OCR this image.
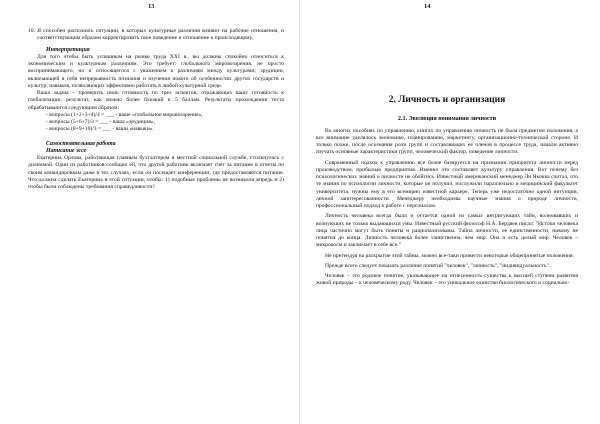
13

10. Я способен распознать ситуации, в которых культурные различия влияют на рабочие отношения, и соответствующим образом корректировать свое поведение и отношение к происходящему.

Интерпретация

Для того чтобы быть успешным на рынке труда XXI в., вы должны спокойно относиться к экономическим и культурным различиям. Это требует: глобального мировоззрения, не просто воспринимающего, но и относящегося с уважением к различиям между культурами; эрудиции, включающей в себя непрерывность познания и изучения нового об особенностях других государств и культур; навыков, позволяющих эффективно работать в любой культурной среде.

Ваша задача – проверить свою готовность по трех аспектов, отражающих вашу готовность к глобализации, результат, как можно более близкий к 5 баллам. Результаты прохождения теста обрабатываются следующим образом:

- вопросы (1+2+3+4)/4 = ___ - ваше «глобальное мировоззрение»,
- вопросы (5+6+7)/3 = ___ - ваша «эрудиция»,
- вопросы (8+9+10)/3 = ___ - ваши «навыки».
Самостоятельная работа
Написание эссе

Екатерина Орлова, работающая главным бухгалтером в местной социальной службе, столкнулась с дилеммой. Один из работников сообщил ей, что другой работник включает счет за питание в отчеты по своим командировкам даже в тех случаях, если он посещает конференции, где предоставляется питание. Что должна сделать Екатерина в этой ситуации, чтобы: 1) подобные проблемы не возникали впредь и 2) чтобы были соблюдены требования справедливости?

14
2. Личность и организация
2.1. Эволюция понимания личности

Во многих пособиях по управлению, книгах по управлению личность не была предметом изложения, а все внимание уделялось экономике, планированию, маркетингу, организационно-технической стороне. И только позже, после осознания роли групп и составляющих ее членов в процессе труда, начали активно изучать основные характеристики групп, человеческий фактор, поведение личности.

Современный подход к управлению все более базируется на признании приоритета личности перед производством, прибылью предприятия. Именно это составляет культуру управления. Вот почему без психологических знаний о личности не обойтись. Известный американский менеджер Ли Якокка считал, что те знания по психологии личности, которые он получил, послужили параллельно и медицинский факультет университета, нужны ему в его всемирно известной карьере. Теперь уже недостаточно одной интуиции, личной заинтересованности. Менеджеру необходимы научные знания о природе личности, профессиональный подход к работе с персоналом.

Личность человека всегда была и остается одной из самых интригующих тайн, волновавших и волнующих не только выдающихся умы. Известный русский философ Н.А. Бердяев писал: "Истоки человека лица частично могут быть поняты и рационализованы. Тайна личности, ее единственности, никому не понятна до конца. Личность человека более таинственна, чем мир. Она и есть целый мир. Человек – микрокосм и заключает в себе все."

Не претендуя на раскрытие этой тайны, можно все-таки привести некоторые общепринятые положения.

Прежде всего следует показать различие понятий "человек", "личность", "индивидуальность".

Человек – это родовое понятие, указывающее на отнесенность существа к высшей ступени развития живой природы – к человеческому роду. Человек – это уникальное единство биологического и социально-
